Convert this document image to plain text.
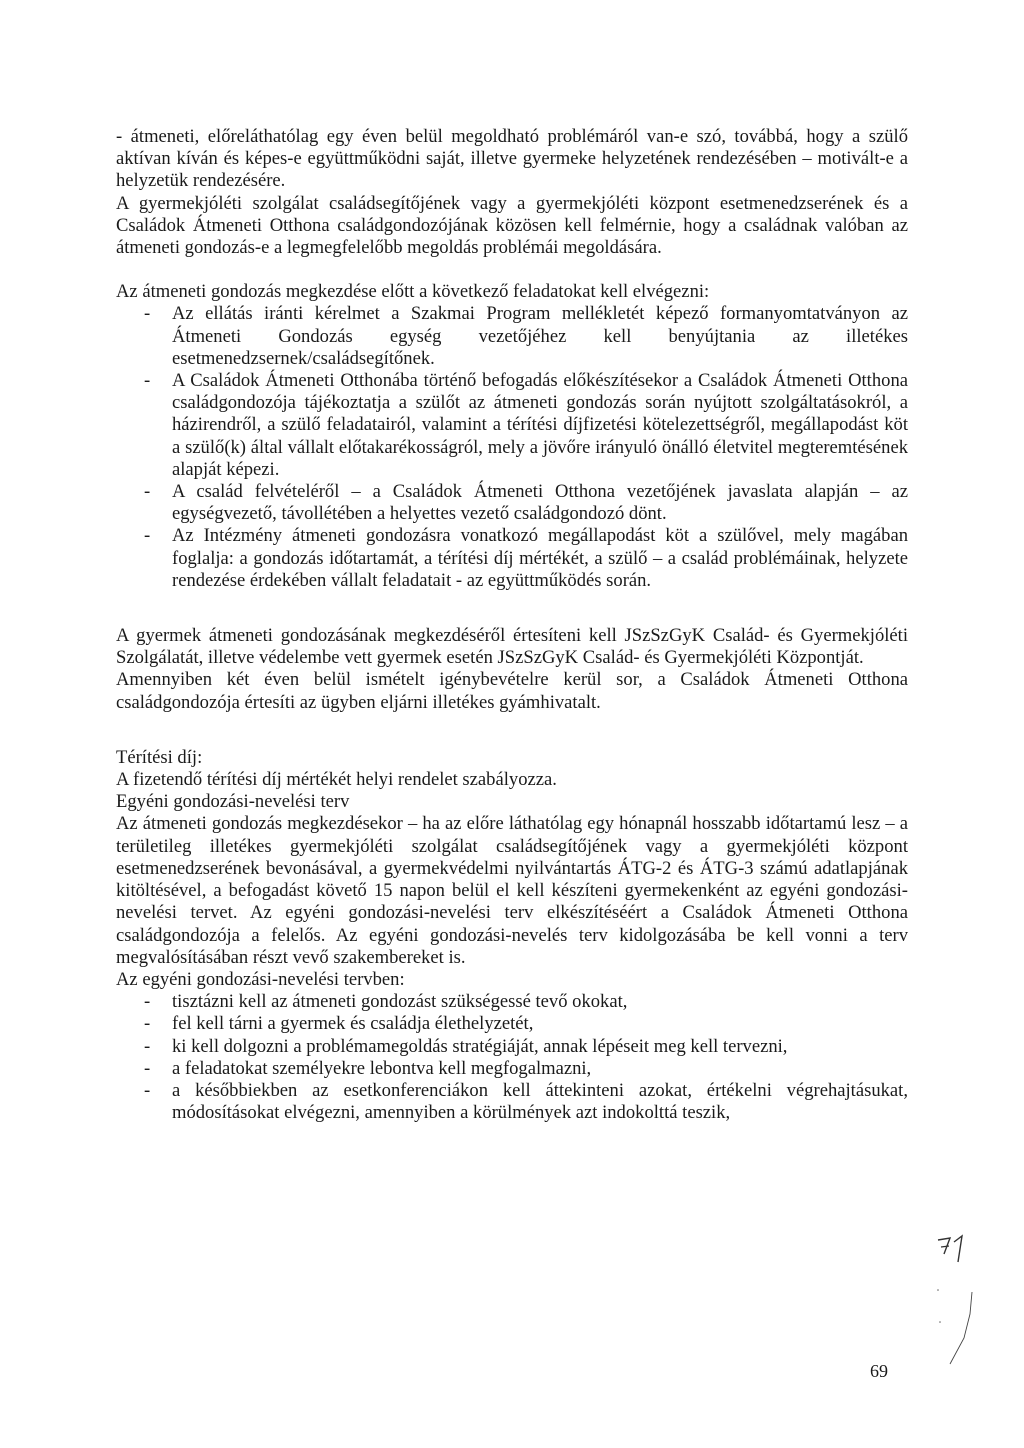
- átmeneti, előreláthatólag egy éven belül megoldható problémáról van-e szó, továbbá, hogy a szülő aktívan kíván és képes-e együttműködni saját, illetve gyermeke helyzetének rendezésében – motivált-e a helyzetük rendezésére.

A gyermekjóléti szolgálat családsegítőjének vagy a gyermekjóléti központ esetmenedzserének és a Családok Átmeneti Otthona családgondozójának közösen kell felmérnie, hogy a családnak valóban az átmeneti gondozás-e a legmegfelelőbb megoldás problémái megoldására.

Az átmeneti gondozás megkezdése előtt a következő feladatokat kell elvégezni:

- Az ellátás iránti kérelmet a Szakmai Program mellékletét képező formanyomtatványon az Átmeneti Gondozás egység vezetőjéhez kell benyújtania az illetékes esetmenedzsernek/családsegítőnek.
- A Családok Átmeneti Otthonába történő befogadás előkészítésekor a Családok Átmeneti Otthona családgondozója tájékoztatja a szülőt az átmeneti gondozás során nyújtott szolgáltatásokról, a házirendről, a szülő feladatairól, valamint a térítési díjfizetési kötelezettségről, megállapodást köt a szülő(k) által vállalt előtakarékosságról, mely a jövőre irányuló önálló életvitel megteremtésének alapját képezi.
- A család felvételéről – a Családok Átmeneti Otthona vezetőjének javaslata alapján – az egységvezető, távollétében a helyettes vezető családgondozó dönt.
- Az Intézmény átmeneti gondozásra vonatkozó megállapodást köt a szülővel, mely magában foglalja: a gondozás időtartamát, a térítési díj mértékét, a szülő – a család problémáinak, helyzete rendezése érdekében vállalt feladatait - az együttműködés során.

A gyermek átmeneti gondozásának megkezdéséről értesíteni kell JSzSzGyK Család- és Gyermekjóléti Szolgálatát, illetve védelembe vett gyermek esetén JSzSzGyK Család- és Gyermekjóléti Központját.

Amennyiben két éven belül ismételt igénybevételre kerül sor, a Családok Átmeneti Otthona családgondozója értesíti az ügyben eljárni illetékes gyámhivatalt.

Térítési díj:

A fizetendő térítési díj mértékét helyi rendelet szabályozza.

Egyéni gondozási-nevelési terv

Az átmeneti gondozás megkezdésekor – ha az előre láthatólag egy hónapnál hosszabb időtartamú lesz – a területileg illetékes gyermekjóléti szolgálat családsegítőjének vagy a gyermekjóléti központ esetmenedzserének bevonásával, a gyermekvédelmi nyilvántartás ÁTG-2 és ÁTG-3 számú adatlapjának kitöltésével, a befogadást követő 15 napon belül el kell készíteni gyermekenként az egyéni gondozási-nevelési tervet. Az egyéni gondozási-nevelési terv elkészítéséért a Családok Átmeneti Otthona családgondozója a felelős. Az egyéni gondozási-nevelés terv kidolgozásába be kell vonni a terv megvalósításában részt vevő szakembereket is.

Az egyéni gondozási-nevelési tervben:

- tisztázni kell az átmeneti gondozást szükségessé tevő okokat,
- fel kell tárni a gyermek és családja élethelyzetét,
- ki kell dolgozni a problémamegoldás stratégiáját, annak lépéseit meg kell tervezni,
- a feladatokat személyekre lebontva kell megfogalmazni,
- a későbbiekben az esetkonferenciákon kell áttekinteni azokat, értékelni végrehajtásukat, módosításokat elvégezni, amennyiben a körülmények azt indokolttá teszik,
69
